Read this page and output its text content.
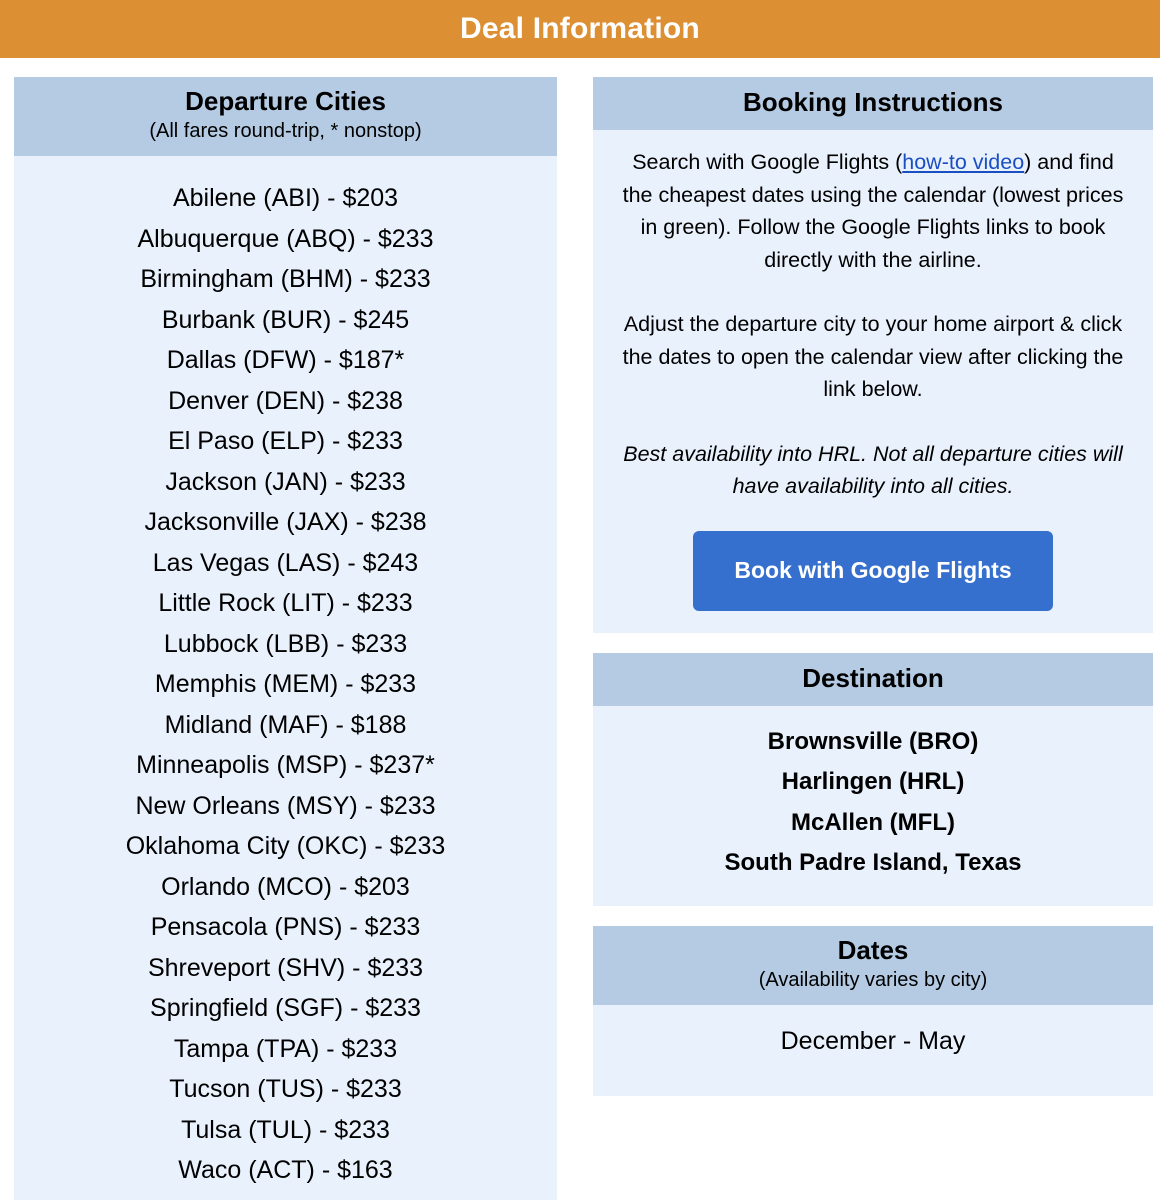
Deal Information
Departure Cities
(All fares round-trip, * nonstop)
Abilene (ABI) - $203
Albuquerque (ABQ) - $233
Birmingham (BHM) - $233
Burbank (BUR) - $245
Dallas (DFW) - $187*
Denver (DEN) - $238
El Paso (ELP) - $233
Jackson (JAN) - $233
Jacksonville (JAX) - $238
Las Vegas (LAS) - $243
Little Rock (LIT) - $233
Lubbock (LBB) - $233
Memphis (MEM) - $233
Midland (MAF) - $188
Minneapolis (MSP) - $237*
New Orleans (MSY) - $233
Oklahoma City (OKC) - $233
Orlando (MCO) - $203
Pensacola (PNS) - $233
Shreveport (SHV) - $233
Springfield (SGF) - $233
Tampa (TPA) - $233
Tucson (TUS) - $233
Tulsa (TUL) - $233
Waco (ACT) - $163
Booking Instructions

Search with Google Flights (how-to video) and find the cheapest dates using the calendar (lowest prices in green). Follow the Google Flights links to book directly with the airline.

Adjust the departure city to your home airport & click the dates to open the calendar view after clicking the link below.

Best availability into HRL. Not all departure cities will have availability into all cities.

Book with Google Flights
Destination
Brownsville (BRO)
Harlingen (HRL)
McAllen (MFL)
South Padre Island, Texas
Dates
(Availability varies by city)
December - May
